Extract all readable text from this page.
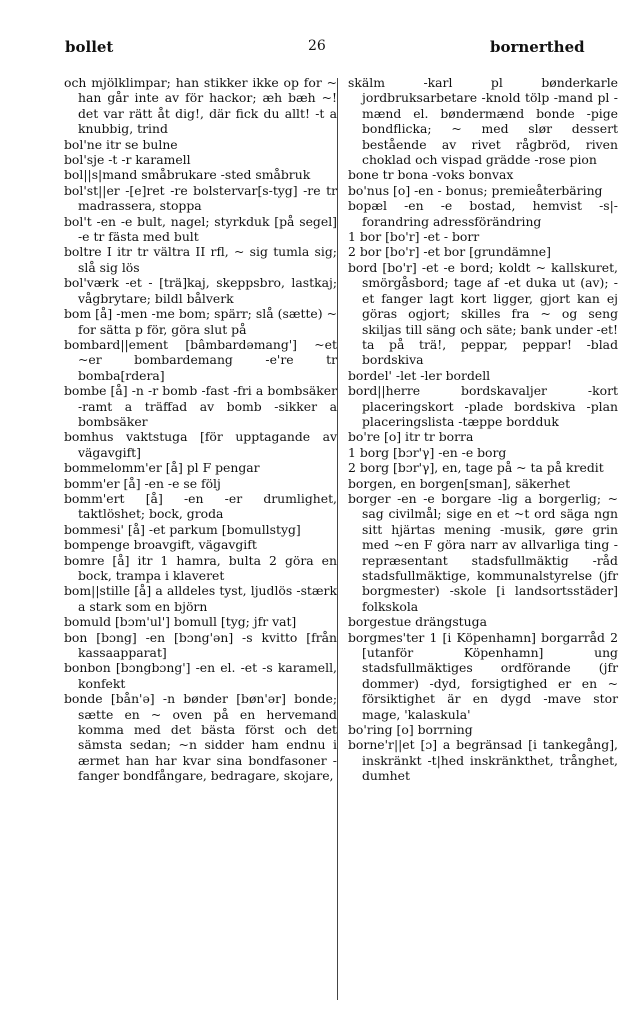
bollet	26	bornerthed
och mjölklimpar; han stikker ikke op for ~ han går inte av för hackor; æh bæh ~! det var rätt åt dig!, där fick du allt! -t a knubbig, trind
bol'ne itr se bulne
bol'sje -t -r karamell
bol||s|mand småbrukare -sted småbruk
bol'st||er -[e]ret -re bolstervar[s-tyg] -re tr madrassera, stoppa
bol't -en -e bult, nagel; styrkduk [på segel] -e tr fästa med bult
boltre I itr tr vältra II rfl, ~ sig tumla sig; slå sig lös
bol'værk -et - [trä]kaj, skeppsbro, lastkaj; vågbrytare; bildl bålverk
bom [å] -men -me bom; spärr; slå (sætte) ~ for sätta p för, göra slut på
bombard||ement [bâmbardəmang'] ~et ~er bombardemang -e're tr bomba[rdera]
bombe [å] -n -r bomb -fast -fri a bombsäker -ramt a träffad av bomb -sikker a bombsäker
bomhus vaktstuga [för upptagande av vägavgift]
bommelomm'er [å] pl F pengar
bomm'er [å] -en -e se följ
bomm'ert [å] -en -er drumlighet, taktlöshet; bock, groda
bommesi' [å] -et parkum [bomullstyg]
bompenge broavgift, vägavgift
bomre [å] itr 1 hamra, bulta 2 göra en bock, trampa i klaveret
bom||stille [å] a alldeles tyst, ljudlös -stærk a stark som en björn
bomuld [bɔm'ul'] bomull [tyg; jfr vat]
bon [bɔng] -en [bɔng'ən] -s kvitto [från kassaapparat]
bonbon [bɔngbɔng'] -en el. -et -s karamell, konfekt
bonde [bån'ə] -n bønder [bøn'ər] bonde; sætte en ~ oven på en hervemand komma med det bästa först och det sämsta sedan; ~n sidder ham endnu i ærmet han har kvar sina bondfasoner -fanger bondfångare, bedragare, skojare,
skälm -karl pl bønderkarle jordbruksarbetare -knold tölp -mand pl -mænd el. bøndermænd bonde -pige bondflicka; ~ med slør dessert bestående av rivet rågbröd, riven choklad och vispad grädde -rose pion
bone tr bona -voks bonvax
bo'nus [o] -en - bonus; premieåterbäring
bopæl -en -e bostad, hemvist -s|-forandring adressförändring
1 bor [bo'r] -et - borr
2 bor [bo'r] -et bor [grundämne]
bord [bo'r] -et -e bord; koldt ~ kallskuret, smörgåsbord; tage af -et duka ut (av); -et fanger lagt kort ligger, gjort kan ej göras ogjort; skilles fra ~ og seng skiljas till säng och säte; bank under -et! ta på trä!, peppar, peppar! -blad bordskiva
bordel' -let -ler bordell
bord||herre bordskavaljer -kort placeringskort -plade bordskiva -plan placeringslista -tæppe bordduk
bo're [o] itr tr borra
1 borg [bɔr'γ] -en -e borg
2 borg [bɔr'γ], en, tage på ~ ta på kredit
borgen, en borgen[sman], säkerhet
borger -en -e borgare -lig a borgerlig; ~ sag civilmål; sige en et ~t ord säga ngn sitt hjärtas mening -musik, gøre grin med ~en F göra narr av allvarliga ting -repræsentant stadsfullmäktig -råd stadsfullmäktige, kommunalstyrelse (jfr borgmester) -skole [i landsortsstäder] folkskola
borgestue drängstuga
borgmes'ter 1 [i Köpenhamn] borgarråd 2 [utanför Köpenhamn] ung stadsfullmäktiges ordförande (jfr dommer) -dyd, forsigtighed er en ~ försiktighet är en dygd -mave stor mage, 'kalaskula'
bo'ring [o] borrning
borne'r||et [ɔ] a begränsad [i tankegång], inskränkt -t|hed inskränkthet, trånghet, dumhet
